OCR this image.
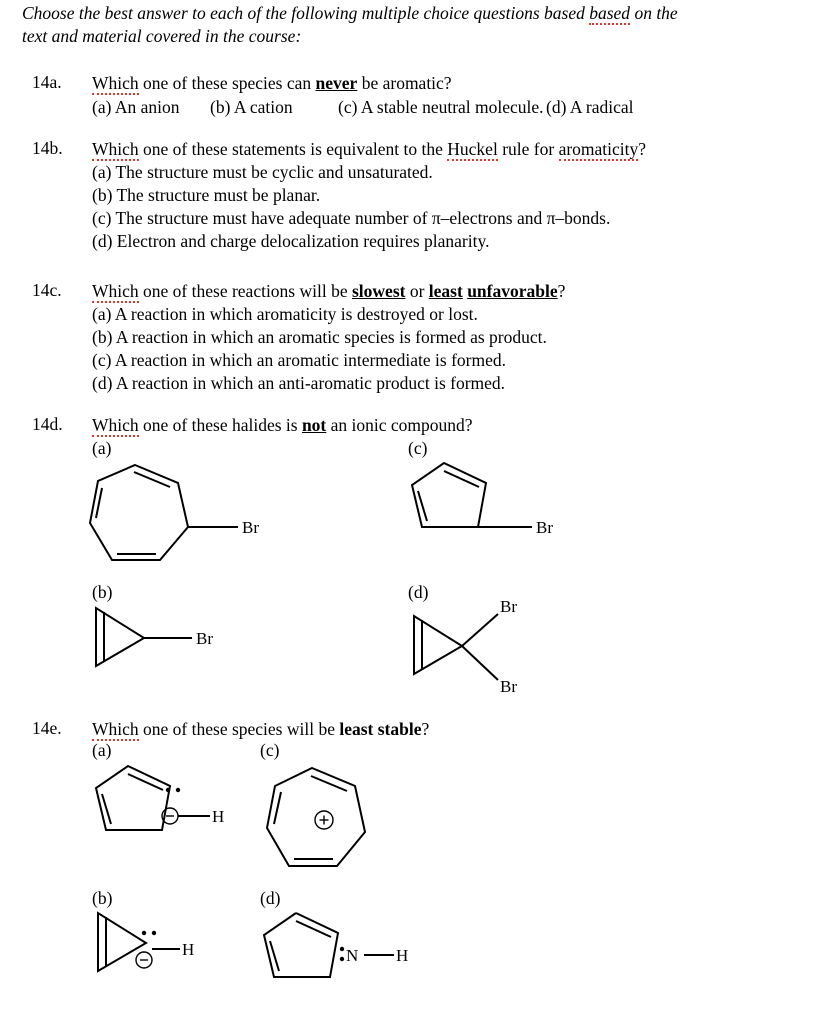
Choose the best answer to each of the following multiple choice questions based based on the
text and material covered in the course:
14a. Which one of these species can never be aromatic?
(a) An anion (b) A cation	(c) A stable neutral molecule. (d) A radical
14b. Which one of these statements is equivalent to the Huckel rule for aromaticity?
(a) The structure must be cyclic and unsaturated.
(b) The structure must be planar.
(c) The structure must have adequate number of π–electrons and π–bonds.
(d) Electron and charge delocalization requires planarity.
14c. Which one of these reactions will be slowest or least unfavorable?
(a) A reaction in which aromaticity is destroyed or lost.
(b) A reaction in which an aromatic species is formed as product.
(c) A reaction in which an aromatic intermediate is formed.
(d) A reaction in which an anti-aromatic product is formed.
14d. Which one of these halides is not an ionic compound?
(a)	(c)
(b)	(d)
Br	Br
Br
Br
Br
14e. Which one of these species will be least stable?
(a)	(c)
(b)	(d)
H
H	N H
